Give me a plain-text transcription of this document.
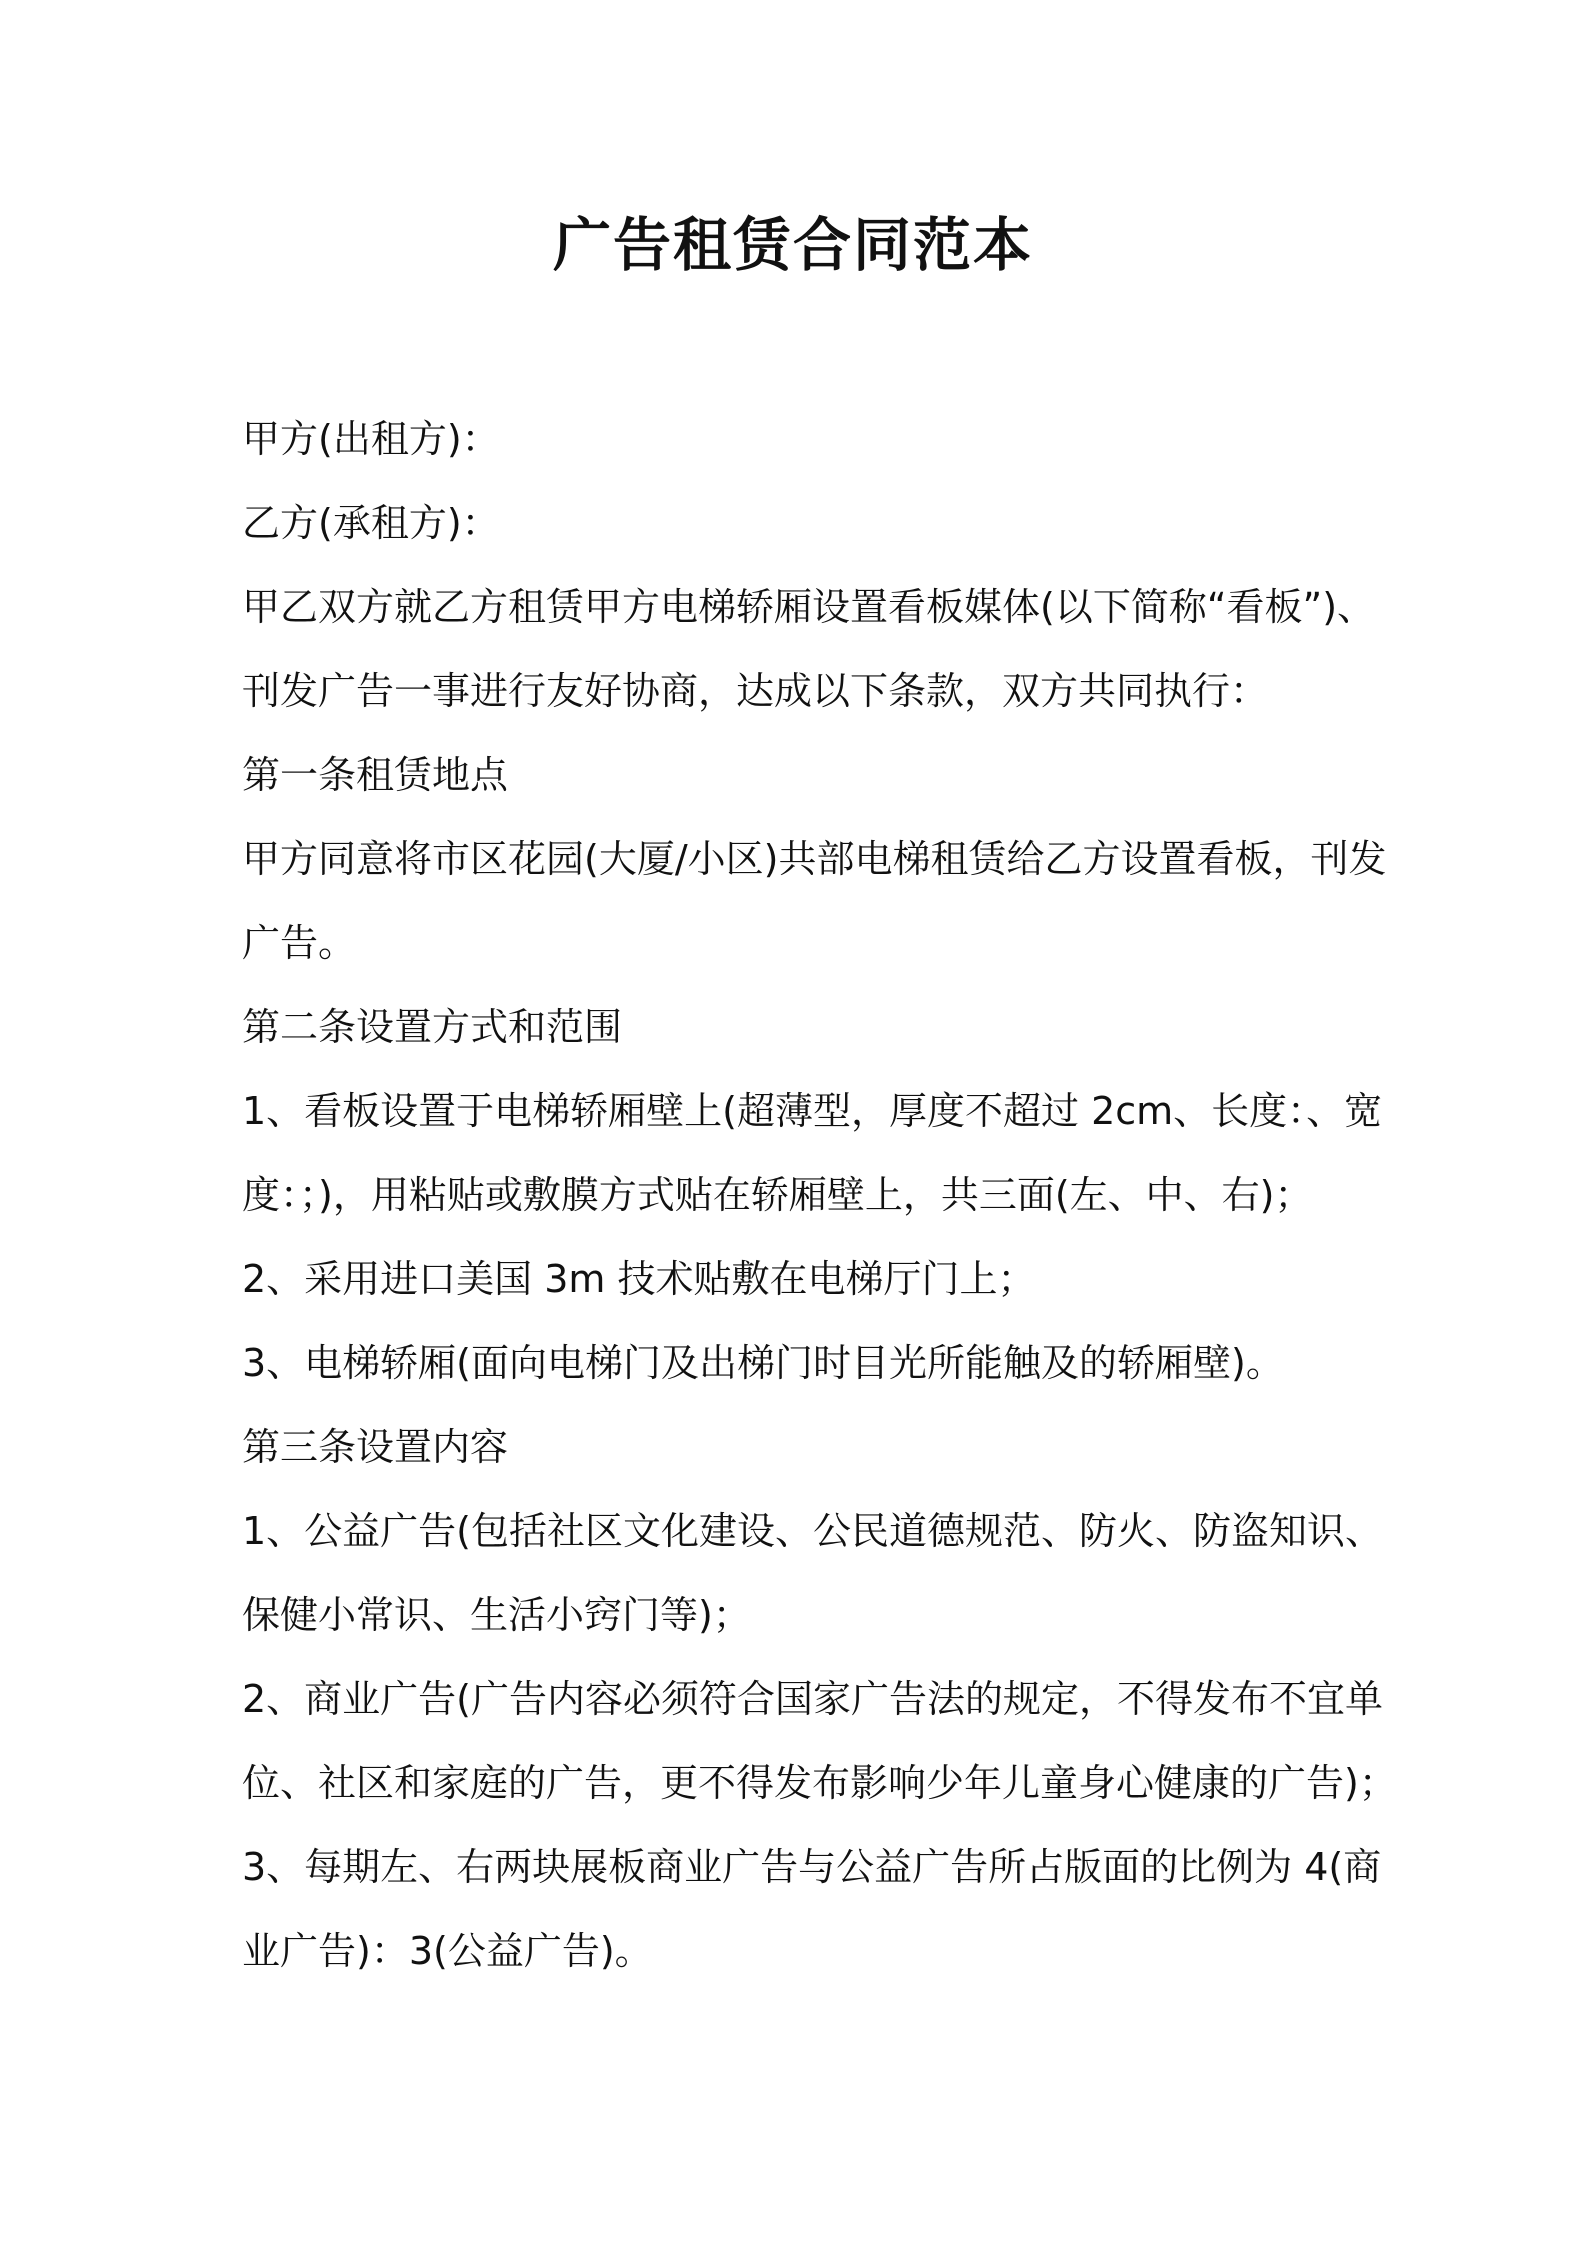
广告租赁合同范本

甲方(出租方)：

乙方(承租方)：

甲乙双方就乙方租赁甲方电梯轿厢设置看板媒体(以下简称“看板”)、

刊发广告一事进行友好协商，达成以下条款，双方共同执行：

第一条租赁地点

甲方同意将市区花园(大厦/小区)共部电梯租赁给乙方设置看板，刊发

广告。

第二条设置方式和范围

1、看板设置于电梯轿厢壁上(超薄型，厚度不超过 2cm、长度：、宽

度：；)，用粘贴或敷膜方式贴在轿厢壁上，共三面(左、中、右)；

2、采用进口美国 3m 技术贴敷在电梯厅门上；

3、电梯轿厢(面向电梯门及出梯门时目光所能触及的轿厢壁)。

第三条设置内容

1、公益广告(包括社区文化建设、公民道德规范、防火、防盗知识、

保健小常识、生活小窍门等)；

2、商业广告(广告内容必须符合国家广告法的规定，不得发布不宜单

位、社区和家庭的广告，更不得发布影响少年儿童身心健康的广告)；

3、每期左、右两块展板商业广告与公益广告所占版面的比例为 4(商

业广告)：3(公益广告)。
